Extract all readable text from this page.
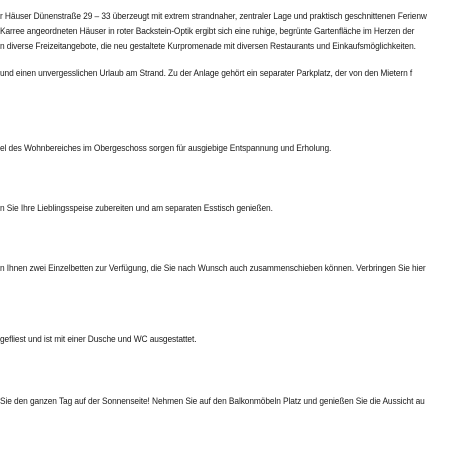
r Häuser Dünenstraße 29 – 33 überzeugt mit extrem strandnaher, zentraler Lage und praktisch geschnittenen Ferienw
Karree angeordneten Häuser in roter Backstein-Optik ergibt sich eine ruhige, begrünte Gartenfläche im Herzen der
n diverse Freizeitangebote, die neu gestaltete Kurpromenade mit diversen Restaurants und Einkaufsmöglichkeiten.
und einen unvergesslichen Urlaub am Strand. Zu der Anlage gehört ein separater Parkplatz, der von den Mietern f
el des Wohnbereiches im Obergeschoss sorgen für ausgiebige Entspannung und Erholung.
n Sie Ihre Lieblingsspeise zubereiten und am separaten Esstisch genießen.
n Ihnen zwei Einzelbetten zur Verfügung, die Sie nach Wunsch auch zusammenschieben können. Verbringen Sie hier
gefliest und ist mit einer Dusche und WC ausgestattet.
Sie den ganzen Tag auf der Sonnenseite! Nehmen Sie auf den Balkonmöbeln Platz und genießen Sie die Aussicht au
